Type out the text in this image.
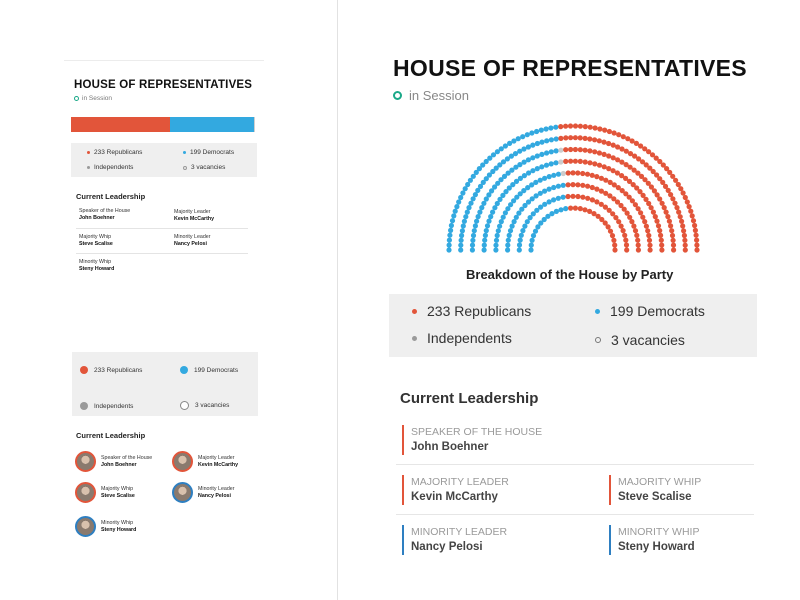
HOUSE OF REPRESENTATIVES
in Session
233 Republicans	199 Democrats
Independents	3 vacancies
Current Leadership
Speaker of the House
John Boehner
Majority Leader
Kevin McCarthy
Majority Whip
Steve Scalise
Minority Leader
Nancy Pelosi
Minority Whip
Steny Howard
233 Republicans	199 Democrats
Independents	3 vacancies
Current Leadership
Speaker of the House
John Boehner
Majority Leader
Kevin McCarthy
Majority Whip
Steve Scalise
Minority Leader
Nancy Pelosi
Minority Whip
Steny Howard
HOUSE OF REPRESENTATIVES
in Session
Breakdown of the House by Party
233 Republicans	199 Democrats
Independents	3 vacancies
Current Leadership
SPEAKER OF THE HOUSE
John Boehner
MAJORITY LEADER
Kevin McCarthy
MAJORITY WHIP
Steve Scalise
MINORITY LEADER
Nancy Pelosi
MINORITY WHIP
Steny Howard
